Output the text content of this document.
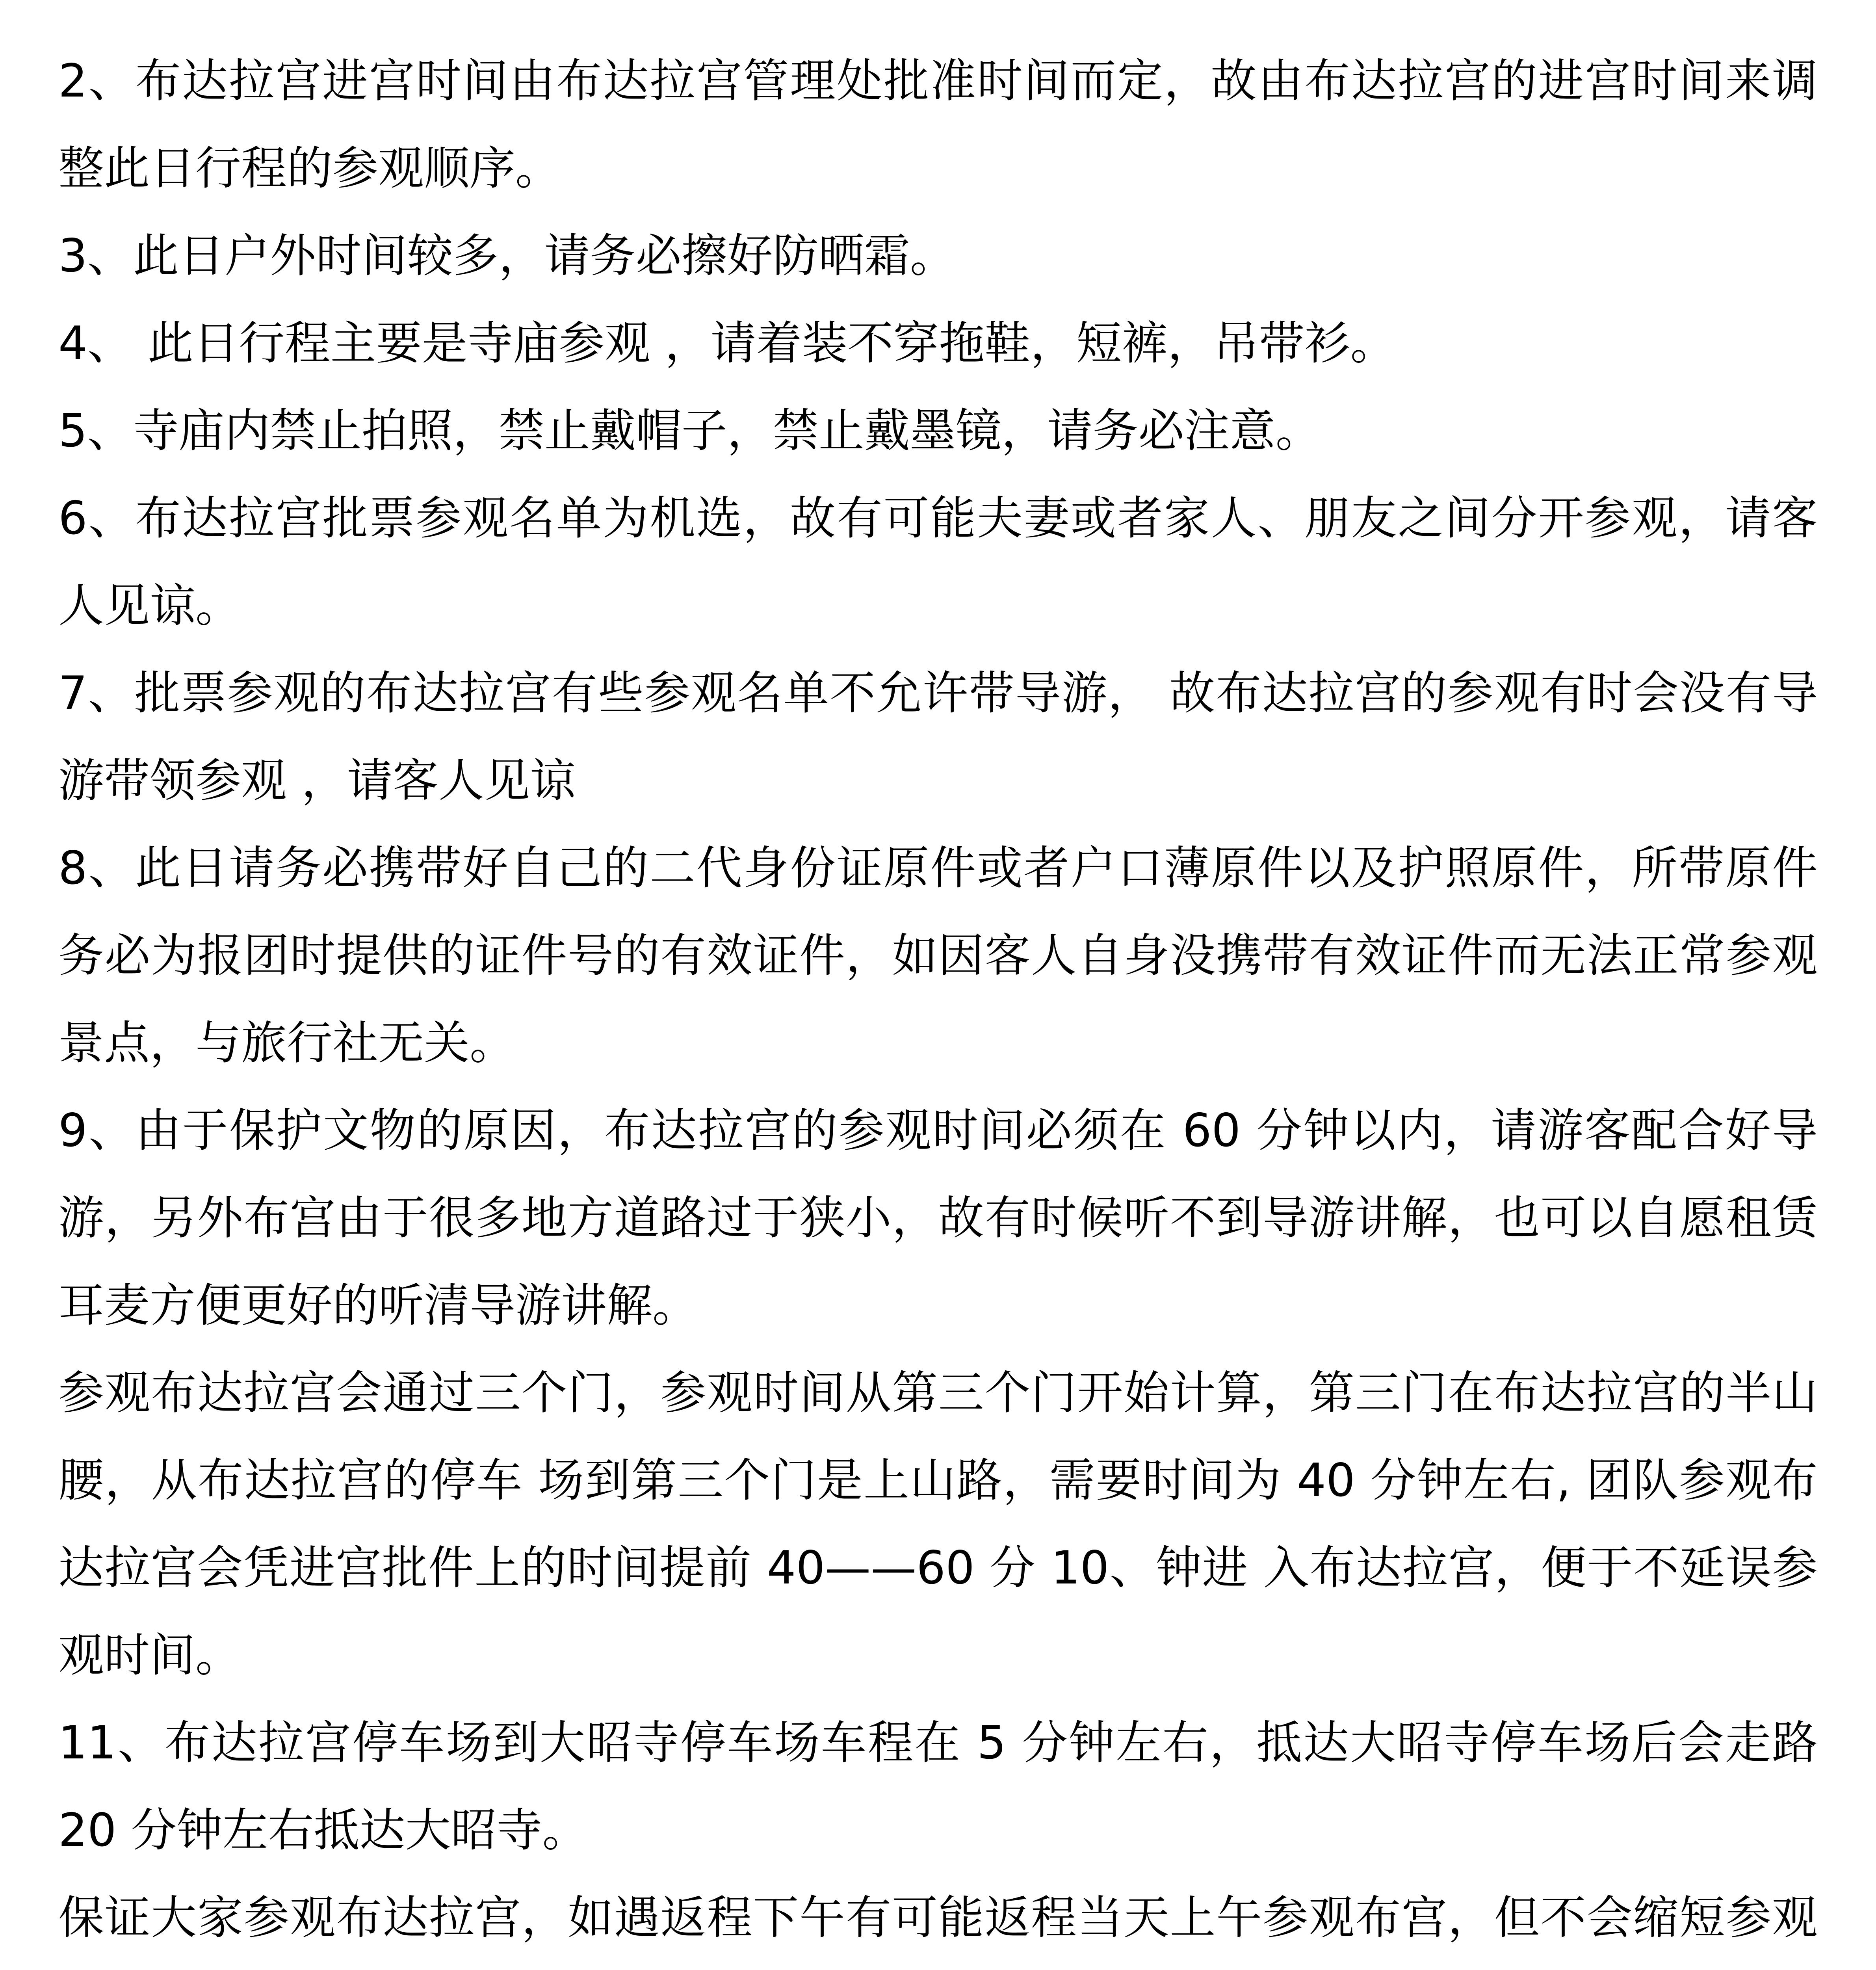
2、布达拉宫进宫时间由布达拉宫管理处批准时间而定，故由布达拉宫的进宫时间来调整此日行程的参观顺序。

3、此日户外时间较多，请务必擦好防晒霜。

4、 此日行程主要是寺庙参观 ，请着装不穿拖鞋，短裤，吊带衫。

5、寺庙内禁止拍照，禁止戴帽子，禁止戴墨镜，请务必注意。

6、布达拉宫批票参观名单为机选，故有可能夫妻或者家人、朋友之间分开参观，请客人见谅。

7、批票参观的布达拉宫有些参观名单不允许带导游， 故布达拉宫的参观有时会没有导游带领参观 ，请客人见谅

8、此日请务必携带好自己的二代身份证原件或者户口薄原件以及护照原件，所带原件务必为报团时提供的证件号的有效证件，如因客人自身没携带有效证件而无法正常参观景点，与旅行社无关。

9、由于保护文物的原因，布达拉宫的参观时间必须在 60 分钟以内，请游客配合好导游，另外布宫由于很多地方道路过于狭小，故有时候听不到导游讲解，也可以自愿租赁耳麦方便更好的听清导游讲解。

参观布达拉宫会通过三个门，参观时间从第三个门开始计算，第三门在布达拉宫的半山腰，从布达拉宫的停车 场到第三个门是上山路，需要时间为 40 分钟左右, 团队参观布达拉宫会凭进宫批件上的时间提前 40——60 分 10、钟进 入布达拉宫，便于不延误参观时间。

11、布达拉宫停车场到大昭寺停车场车程在 5 分钟左右，抵达大昭寺停车场后会走路 20 分钟左右抵达大昭寺。

保证大家参观布达拉宫，如遇返程下午有可能返程当天上午参观布宫，但不会缩短参观
